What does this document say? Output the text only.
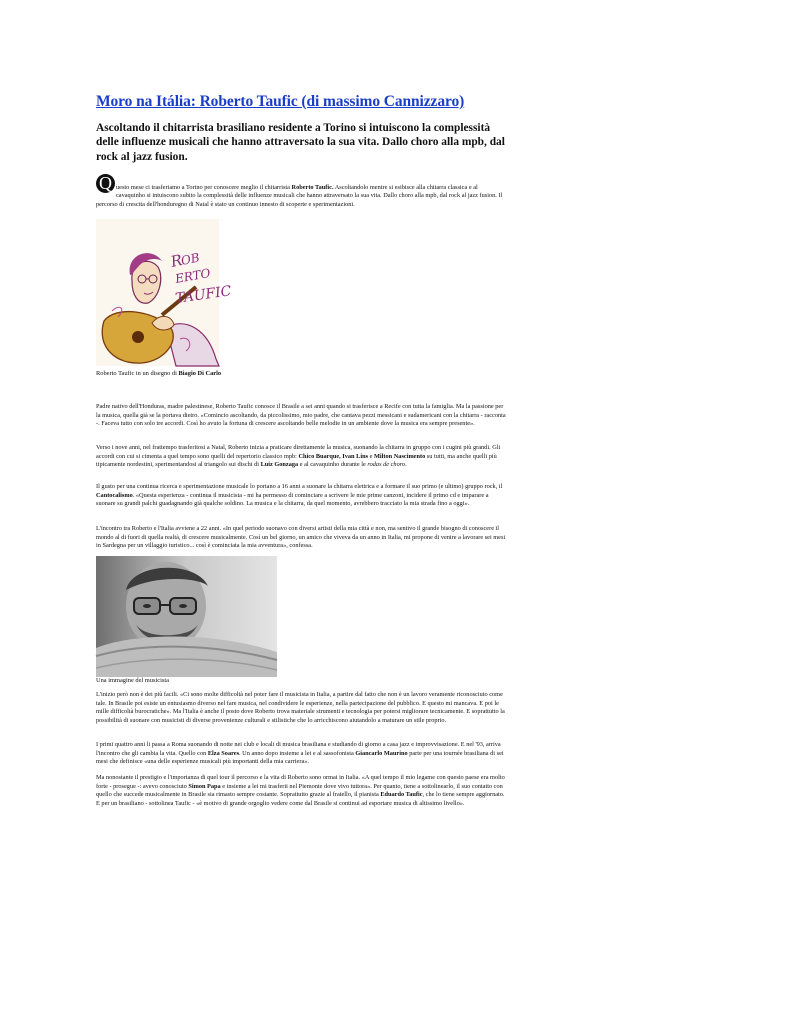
Moro na Itália: Roberto Taufic (di massimo Cannizzaro)

Ascoltando il chitarrista brasiliano residente a Torino si intuiscono la complessità delle influenze musicali che hanno attraversato la sua vita. Dallo choro alla mpb, dal rock al jazz fusion.

Q uesto mese ci trasferiamo a Torino per conoscere meglio il chitarrista Roberto Taufic. Ascoltandolo mentre si esibisce alla chitarra classica e al cavaquinho si intuiscono subito la complessità delle influenze musicali che hanno attraversato la sua vita. Dallo choro alla mpb, dal rock al jazz fusion. Il percorso di crescita dell'honduregno di Natal è stato un continuo innesto di scoperte e sperimentazioni.

R
OB
ERTO
TAUFIC
Roberto Taufic in un disegno di Biagio Di Carlo

Padre nativo dell'Honduras, madre palestinese, Roberto Taufic conosce il Brasile a sei anni quando si trasferisce a Recife con tutta la famiglia. Ma la passione per la musica, quella già se la portava dietro. «Comincio ascoltando, da piccolissimo, mio padre, che cantava pezzi messicani e sudamericani con la chitarra - racconta -. Faceva tutto con solo tre accordi. Così ho avuto la fortuna di crescere ascoltando belle melodie in un ambiente dove la musica era sempre presente».

Verso i nove anni, nel frattempo trasferitosi a Natal, Roberto inizia a praticare direttamente la musica, suonando la chitarra in gruppo con i cugini più grandi. Gli accordi con cui si cimenta a quel tempo sono quelli del repertorio classico mpb: Chico Buarque, Ivan Lins e Milton Nascimento su tutti, ma anche quelli più tipicamente nordestini, sperimentandosi al triangolo sui dischi di Luiz Gonzaga e al cavaquinho durante le rodas de choro.

Il gusto per una continua ricerca e sperimentazione musicale lo portano a 16 anni a suonare la chitarra elettrica e a formare il suo primo (e ultimo) gruppo rock, il Cantocalismo. «Questa esperienza - continua il musicista - mi ha permesso di cominciare a scrivere le mie prime canzoni, incidere il primo cd e imparare a suonare su grandi palchi guadagnando già qualche soldino. La musica e la chitarra, da quel momento, avrebbero tracciato la mia strada fino a oggi».

L'incontro tra Roberto e l'Italia avviene a 22 anni. «In quel periodo suonavo con diversi artisti della mia città e non, ma sentivo il grande bisogno di conoscere il mondo al di fuori di quella realtà, di crescere musicalmente. Così un bel giorno, un amico che viveva da un anno in Italia, mi propone di venire a lavorare sei mesi in Sardegna per un villaggio turistico... così è cominciata la mia avventura», confessa.

Una immagine del musicista

L'inizio però non è dei più facili. «Ci sono molte difficoltà nel poter fare il musicista in Italia, a partire dal fatto che non è un lavoro veramente riconosciuto come tale. In Brasile poi esiste un entusiasmo diverso nel fare musica, nel condividere le esperienze, nella partecipazione del pubblico. E questo mi mancava. E poi le mille difficoltà burocratiche». Ma l'Italia è anche il posto dove Roberto trova materiale strumenti e tecnologia per potersi migliorare tecnicamente. E soprattutto la possibilità di suonare con musicisti di diverse provenienze culturali e stilistiche che lo arricchiscono aiutandolo a maturare un stile proprio.

I primi quattro anni li passa a Roma suonando di notte nei club e locali di musica brasiliana e studiando di giorno a casa jazz e improvvisazione. E nel '93, arriva l'incontro che gli cambia la vita. Quello con Elza Soares. Un anno dopo insieme a lei e al sassofonista Giancarlo Maurino parte per una tournée brasiliana di sei mesi che definisce «una delle esperienze musicali più importanti della mia carriera».

Ma nonostante il prestigio e l'importanza di quel tour il percorso e la vita di Roberto sono ormai in Italia. «A quel tempo il mio legame con questo paese era molto forte - prosegue -: avevo conosciuto Simon Papa e insieme a lei mi trasferii nel Piemonte dove vivo tuttora». Per quanto, tiene a sottolinearlo, il suo contatto con quello che succede musicalmente in Brasile sia rimasto sempre costante. Soprattutto grazie al fratello, il pianista Eduardo Taufic, che lo tiene sempre aggiornato. E per un brasiliano - sottolinea Taufic - «è motivo di grande orgoglio vedere come dal Brasile si continui ad esportare musica di altissimo livello».
